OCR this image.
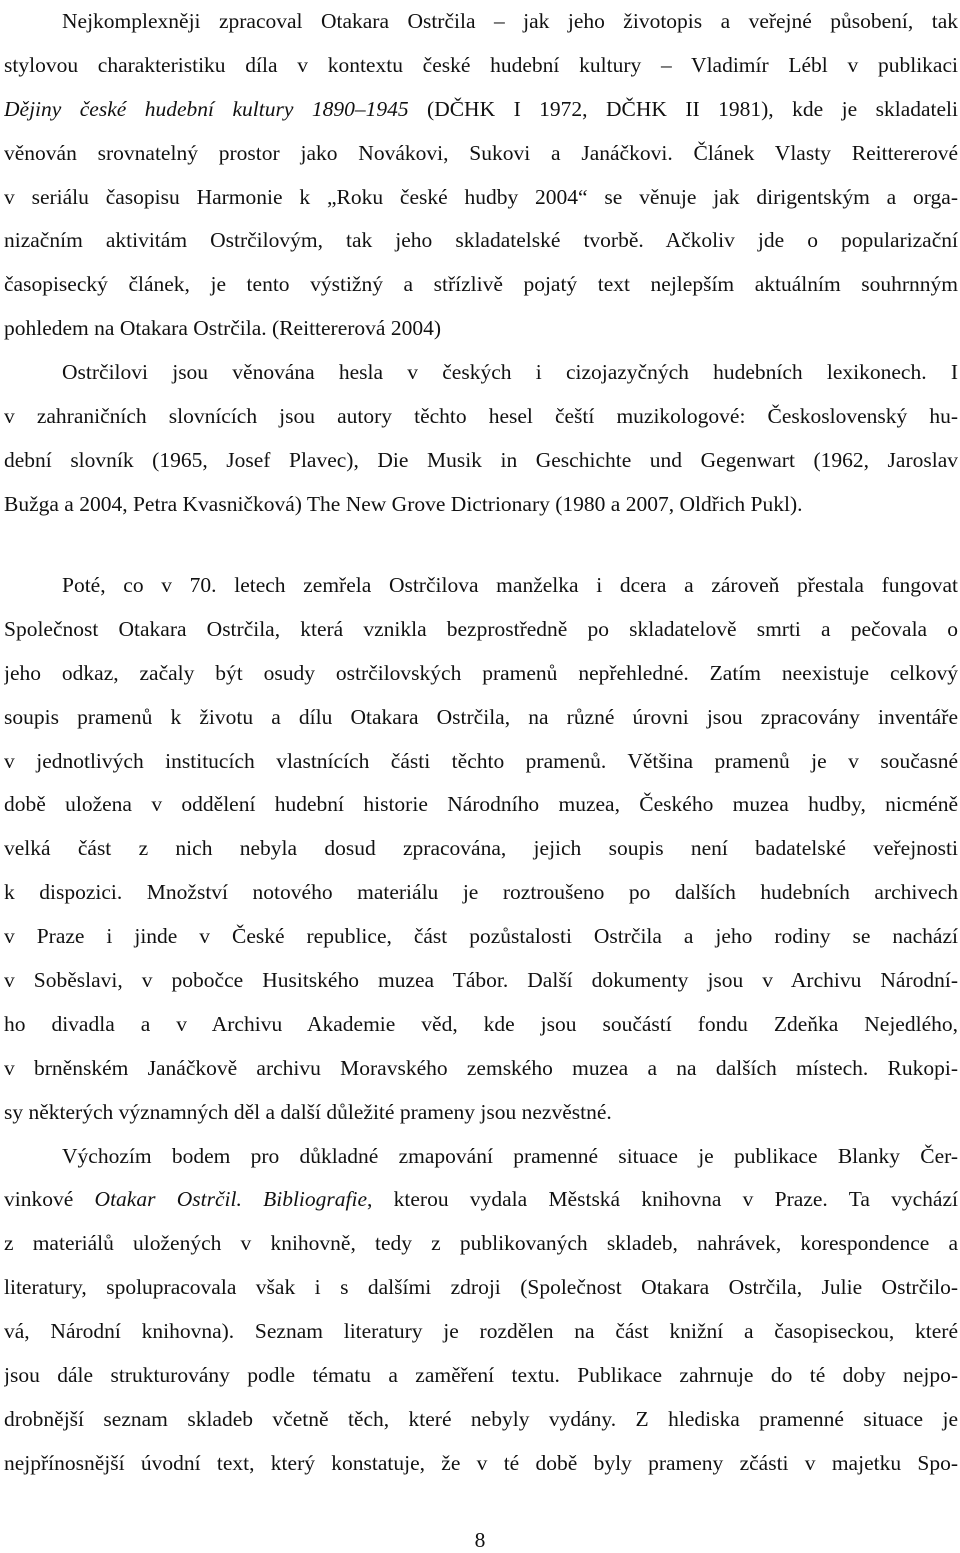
Nejkomplexněji zpracoval Otakara Ostrčila – jak jeho životopis a veřejné působení, tak
stylovou charakteristiku díla v kontextu české hudební kultury – Vladimír Lébl v publikaci
Dějiny české hudební kultury 1890–1945 (DČHK I 1972, DČHK II 1981), kde je skladateli
věnován srovnatelný prostor jako Novákovi, Sukovi a Janáčkovi. Článek Vlasty Reittererové
v seriálu časopisu Harmonie k „Roku české hudby 2004“ se věnuje jak dirigentským a orga-
nizačním aktivitám Ostrčilovým, tak jeho skladatelské tvorbě. Ačkoliv jde o popularizační
časopisecký článek, je tento výstižný a střízlivě pojatý text nejlepším aktuálním souhrnným
pohledem na Otakara Ostrčila. (Reittererová 2004)
Ostrčilovi jsou věnována hesla v českých i cizojazyčných hudebních lexikonech. I
v zahraničních slovnících jsou autory těchto hesel čeští muzikologové: Československý hu-
dební slovník (1965, Josef Plavec), Die Musik in Geschichte und Gegenwart (1962, Jaroslav
Bužga a 2004, Petra Kvasničková) The New Grove Dictrionary (1980 a 2007, Oldřich Pukl).
Poté, co v 70. letech zemřela Ostrčilova manželka i dcera a zároveň přestala fungovat
Společnost Otakara Ostrčila, která vznikla bezprostředně po skladatelově smrti a pečovala o
jeho odkaz, začaly být osudy ostrčilovských pramenů nepřehledné. Zatím neexistuje celkový
soupis pramenů k životu a dílu Otakara Ostrčila, na různé úrovni jsou zpracovány inventáře
v jednotlivých institucích vlastnících části těchto pramenů. Většina pramenů je v současné
době uložena v oddělení hudební historie Národního muzea, Českého muzea hudby, nicméně
velká část z nich nebyla dosud zpracována, jejich soupis není badatelské veřejnosti
k dispozici. Množství notového materiálu je roztroušeno po dalších hudebních archivech
v Praze i jinde v České republice, část pozůstalosti Ostrčila a jeho rodiny se nachází
v Soběslavi, v pobočce Husitského muzea Tábor. Další dokumenty jsou v Archivu Národní-
ho divadla a v Archivu Akademie věd, kde jsou součástí fondu Zdeňka Nejedlého,
v brněnském Janáčkově archivu Moravského zemského muzea a na dalších místech. Rukopi-
sy některých významných děl a další důležité prameny jsou nezvěstné.
Výchozím bodem pro důkladné zmapování pramenné situace je publikace Blanky Čer-
vinkové Otakar Ostrčil. Bibliografie, kterou vydala Městská knihovna v Praze. Ta vychází
z materiálů uložených v knihovně, tedy z publikovaných skladeb, nahrávek, korespondence a
literatury, spolupracovala však i s dalšími zdroji (Společnost Otakara Ostrčila, Julie Ostrčilo-
vá, Národní knihovna). Seznam literatury je rozdělen na část knižní a časopiseckou, které
jsou dále strukturovány podle tématu a zaměření textu. Publikace zahrnuje do té doby nejpo-
drobnější seznam skladeb včetně těch, které nebyly vydány. Z hlediska pramenné situace je
nejpřínosnější úvodní text, který konstatuje, že v té době byly prameny zčásti v majetku Spo-
8
